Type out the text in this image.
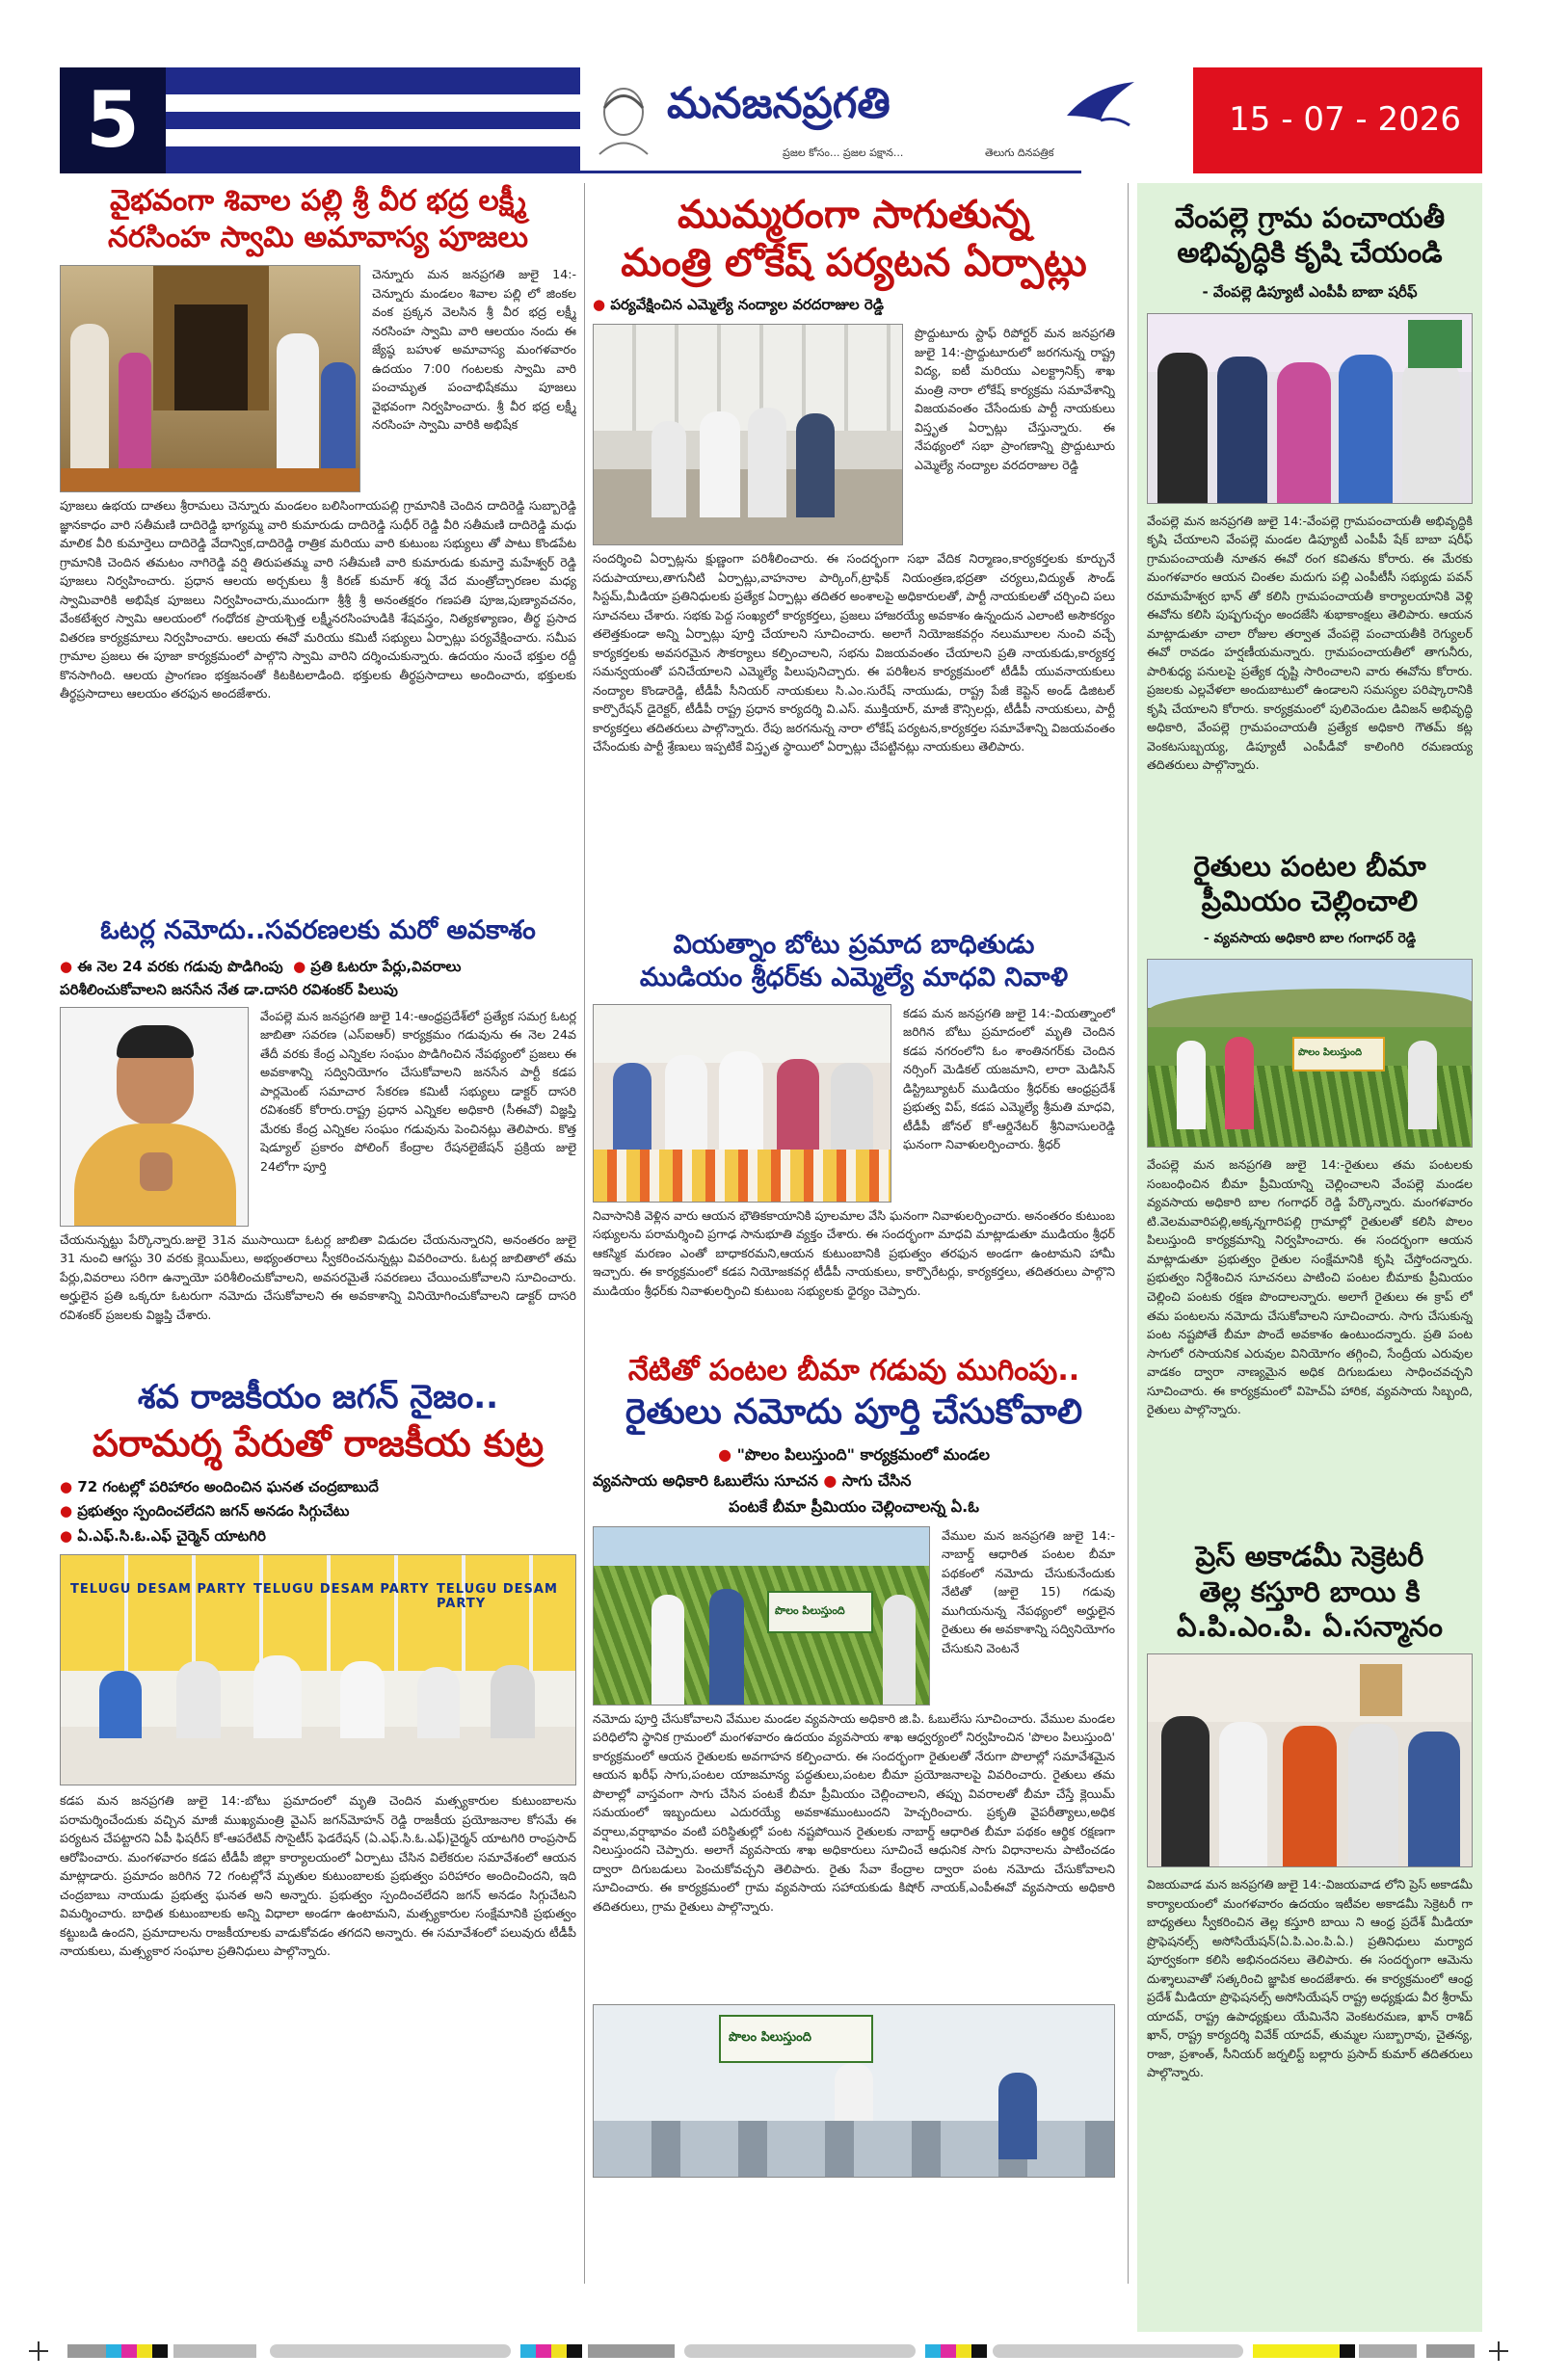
5	మనజనప్రగతి
ప్రజల కోసం... ప్రజల పక్షాన...	తెలుగు దినపత్రిక
15 - 07 - 2026
వైభవంగా శివాల పల్లి శ్రీ వీర భద్ర లక్ష్మీ
నరసింహ స్వామి అమావాస్య పూజలు
చెన్నూరు మన జనప్రగతి జులై 14:-చెన్నూరు మండలం శివాల పల్లి లో జింకల వంక ప్రక్కన వెలసిన శ్రీ వీర భద్ర లక్ష్మీ నరసింహ స్వామి వారి ఆలయం నందు ఈ జ్యేష్ఠ బహుళ అమావాస్య మంగళవారం ఉదయం 7:00 గంటలకు స్వామి వారి పంచామృత పంచాభిషేకము పూజలు వైభవంగా నిర్వహించారు. శ్రీ వీర భద్ర లక్ష్మీ నరసింహ స్వామి వారికి అభిషేక
పూజలు ఉభయ దాతలు శ్రీరామలు చెన్నూరు మండలం బలిసింగాయపల్లి గ్రామానికి చెందిన దాదిరెడ్డి సుబ్బారెడ్డి జ్ఞానకాధం వారి సతీమణి దాదిరెడ్డి భాగ్యమ్మ వారి కుమారుడు దాదిరెడ్డి సుధీర్ రెడ్డి వీరి సతీమణి దాదిరెడ్డి మధు మాలిక వీరి కుమార్తెలు దాదిరెడ్డి వేదాన్విక,దాదిరెడ్డి రాత్రిక మరియు వారి కుటుంబ సభ్యులు తో పాటు కొండపేట గ్రామానికి చెందిన తమటం నాగిరెడ్డి వర్షి తిరుపతమ్మ వారి సతీమణి వారి కుమారుడు కుమార్తె మహేశ్వర్ రెడ్డి పూజలు నిర్వహించారు. ప్రధాన ఆలయ అర్చకులు శ్రీ కిరణ్ కుమార్ శర్మ వేద మంత్రోచ్చారణల మధ్య స్వామివారికి అభిషేక పూజలు నిర్వహించారు,ముందుగా శ్రీశ్రీ శ్రీ అనంతక్షరం గణపతి పూజ,పుణ్యావచనం, వేంకటేశ్వర స్వామి ఆలయంలో గంధోదక ప్రాయశ్చిత్త లక్ష్మీనరసింహుడికి శేషవస్త్రం, నిత్యకళ్యాణం, తీర్థ ప్రసాద వితరణ కార్యక్రమాలు నిర్వహించారు. ఆలయ ఈవో మరియు కమిటీ సభ్యులు ఏర్పాట్లు పర్యవేక్షించారు. సమీప గ్రామాల ప్రజలు ఈ పూజా కార్యక్రమంలో పాల్గొని స్వామి వారిని దర్శించుకున్నారు. ఉదయం నుంచే భక్తుల రద్దీ కొనసాగింది. ఆలయ ప్రాంగణం భక్తజనంతో కిటకిటలాడింది. భక్తులకు తీర్థప్రసాదాలు అందించారు, భక్తులకు తీర్థప్రసాదాలు ఆలయం తరఫున అందజేశారు.
ఓటర్ల నమోదు..సవరణలకు మరో అవకాశం
● ఈ నెల 24 వరకు గడువు పొడిగింపు ● ప్రతి ఓటరూ పేర్లు,వివరాలు
పరిశీలించుకోవాలని జనసేన నేత డా.దాసరి రవిశంకర్ పిలుపు
వేంపల్లె మన జనప్రగతి జులై 14:-ఆంధ్రప్రదేశ్‌లో ప్రత్యేక సమగ్ర ఓటర్ల జాబితా సవరణ (ఎస్ఐఆర్) కార్యక్రమం గడువును ఈ నెల 24వ తేదీ వరకు కేంద్ర ఎన్నికల సంఘం పొడిగించిన నేపథ్యంలో ప్రజలు ఈ అవకాశాన్ని సద్వినియోగం చేసుకోవాలని జనసేన పార్టీ కడప పార్లమెంట్ సమాచార సేకరణ కమిటీ సభ్యులు డాక్టర్ దాసరి రవిశంకర్ కోరారు.రాష్ట్ర ప్రధాన ఎన్నికల అధికారి (సీఈవో) విజ్ఞప్తి మేరకు కేంద్ర ఎన్నికల సంఘం గడువును పెంచినట్లు తెలిపారు. కొత్త షెడ్యూల్ ప్రకారం పోలింగ్ కేంద్రాల రేషనలైజేషన్ ప్రక్రియ జులై 24లోగా పూర్తి
చేయనున్నట్టు పేర్కొన్నారు.జులై 31న ముసాయిదా ఓటర్ల జాబితా విడుదల చేయనున్నారని, అనంతరం జులై 31 నుంచి ఆగస్టు 30 వరకు క్లెయిమ్‌లు, అభ్యంతరాలు స్వీకరించనున్నట్లు వివరించారు. ఓటర్ల జాబితాలో తమ పేర్లు,వివరాలు సరిగా ఉన్నాయో పరిశీలించుకోవాలని, అవసరమైతే సవరణలు చేయించుకోవాలని సూచించారు. అర్హులైన ప్రతి ఒక్కరూ ఓటరుగా నమోదు చేసుకోవాలని ఈ అవకాశాన్ని వినియోగించుకోవాలని డాక్టర్ దాసరి రవిశంకర్ ప్రజలకు విజ్ఞప్తి చేశారు.
శవ రాజకీయం జగన్ నైజం..
పరామర్శ పేరుతో రాజకీయ కుట్ర
● 72 గంటల్లో పరిహారం అందించిన ఘనత చంద్రబాబుదే
● ప్రభుత్వం స్పందించలేదని జగన్ అనడం సిగ్గుచేటు
● ఏ.ఎఫ్.సి.ఓ.ఎఫ్ చైర్మెన్ యాటగిరి
TELUGU DESAM PARTY TELUGU DESAM PARTY TELUGU DESAM PARTY
కడప మన జనప్రగతి జులై 14:-బోటు ప్రమాదంలో మృతి చెందిన మత్స్యకారుల కుటుంబాలను పరామర్శించేందుకు వచ్చిన మాజీ ముఖ్యమంత్రి వైఎస్ జగన్‌మోహన్ రెడ్డి రాజకీయ ప్రయోజనాల కోసమే ఈ పర్యటన చేపట్టారని ఏపీ ఫిషరీస్ కో-ఆపరేటివ్ సొసైటీస్ ఫెడరేషన్ (ఏ.ఎఫ్.సి.ఓ.ఎఫ్)చైర్మన్ యాటగిరి రాంప్రసాద్ ఆరోపించారు. మంగళవారం కడప టీడీపీ జిల్లా కార్యాలయంలో ఏర్పాటు చేసిన విలేకరుల సమావేశంలో ఆయన మాట్లాడారు. ప్రమాదం జరిగిన 72 గంటల్లోనే మృతుల కుటుంబాలకు ప్రభుత్వం పరిహారం అందించిందని, ఇది చంద్రబాబు నాయుడు ప్రభుత్వ ఘనత అని అన్నారు. ప్రభుత్వం స్పందించలేదని జగన్ అనడం సిగ్గుచేటని విమర్శించారు. బాధిత కుటుంబాలకు అన్ని విధాలా అండగా ఉంటామని, మత్స్యకారుల సంక్షేమానికి ప్రభుత్వం కట్టుబడి ఉందని, ప్రమాదాలను రాజకీయాలకు వాడుకోవడం తగదని అన్నారు. ఈ సమావేశంలో పలువురు టీడీపీ నాయకులు, మత్స్యకార సంఘాల ప్రతినిధులు పాల్గొన్నారు.
ముమ్మరంగా సాగుతున్న
మంత్రి లోకేష్ పర్యటన ఏర్పాట్లు
● పర్యవేక్షించిన ఎమ్మెల్యే నంద్యాల వరదరాజుల రెడ్డి
ప్రొద్దుటూరు స్టాఫ్ రిపోర్టర్ మన జనప్రగతి జులై 14:-ప్రొద్దుటూరులో జరగనున్న రాష్ట్ర విద్య, ఐటీ మరియు ఎలక్ట్రానిక్స్ శాఖ మంత్రి నారా లోకేష్ కార్యక్రమ సమావేశాన్ని విజయవంతం చేసేందుకు పార్టీ నాయకులు విస్తృత ఏర్పాట్లు చేస్తున్నారు. ఈ నేపథ్యంలో సభా ప్రాంగణాన్ని ప్రొద్దుటూరు ఎమ్మెల్యే నంద్యాల వరదరాజుల రెడ్డి
సందర్శించి ఏర్పాట్లను క్షుణ్ణంగా పరిశీలించారు. ఈ సందర్భంగా సభా వేదిక నిర్మాణం,కార్యకర్తలకు కూర్చునే సదుపాయాలు,తాగునీటి ఏర్పాట్లు,వాహనాల పార్కింగ్,ట్రాఫిక్ నియంత్రణ,భద్రతా చర్యలు,విద్యుత్ సౌండ్ సిస్టమ్,మీడియా ప్రతినిధులకు ప్రత్యేక ఏర్పాట్లు తదితర అంశాలపై అధికారులతో, పార్టీ నాయకులతో చర్చించి పలు సూచనలు చేశారు. సభకు పెద్ద సంఖ్యలో కార్యకర్తలు, ప్రజలు హాజరయ్యే అవకాశం ఉన్నందున ఎలాంటి అసౌకర్యం తలెత్తకుండా అన్ని ఏర్పాట్లు పూర్తి చేయాలని సూచించారు. అలాగే నియోజకవర్గం నలుమూలల నుంచి వచ్చే కార్యకర్తలకు అవసరమైన సౌకర్యాలు కల్పించాలని, సభను విజయవంతం చేయాలని ప్రతి నాయకుడు,కార్యకర్త సమన్వయంతో పనిచేయాలని ఎమ్మెల్యే పిలుపునిచ్చారు. ఈ పరిశీలన కార్యక్రమంలో టీడీపీ యువనాయకులు నంద్యాల కొండారెడ్డి, టీడీపీ సీనియర్ నాయకులు సి.ఎం.సురేష్ నాయుడు, రాష్ట్ర పేజీ కెప్టెన్ అండ్ డిజిటల్ కార్పొరేషన్ డైరెక్టర్, టీడీపీ రాష్ట్ర ప్రధాన కార్యదర్శి వి.ఎస్. ముక్తియార్, మాజీ కౌన్సిలర్లు, టీడీపీ నాయకులు, పార్టీ కార్యకర్తలు తదితరులు పాల్గొన్నారు. రేపు జరగనున్న నారా లోకేష్ పర్యటన,కార్యకర్తల సమావేశాన్ని విజయవంతం చేసేందుకు పార్టీ శ్రేణులు ఇప్పటికే విస్తృత స్థాయిలో ఏర్పాట్లు చేపట్టినట్లు నాయకులు తెలిపారు.
వియత్నాం బోటు ప్రమాద బాధితుడు
ముడియం శ్రీధర్‌కు ఎమ్మెల్యే మాధవి నివాళి
కడప మన జనప్రగతి జులై 14:-వియత్నాంలో జరిగిన బోటు ప్రమాదంలో మృతి చెందిన కడప నగరంలోని ఓం శాంతినగర్‌కు చెందిన నర్సింగ్ మెడికల్ యజమాని, లారా మెడిసిన్ డిస్ట్రిబ్యూటర్ ముడియం శ్రీధర్‌కు ఆంధ్రప్రదేశ్ ప్రభుత్వ విప్, కడప ఎమ్మెల్యే శ్రీమతి మాధవి, టీడీపీ జోనల్ కో-ఆర్డినేటర్ శ్రీనివాసులరెడ్డి ఘనంగా నివాళులర్పించారు. శ్రీధర్
నివాసానికి వెళ్లిన వారు ఆయన భౌతికకాయానికి పూలమాల వేసి ఘనంగా నివాళులర్పించారు. అనంతరం కుటుంబ సభ్యులను పరామర్శించి ప్రగాఢ సానుభూతి వ్యక్తం చేశారు. ఈ సందర్భంగా మాధవి మాట్లాడుతూ ముడియం శ్రీధర్ ఆకస్మిక మరణం ఎంతో బాధాకరమని,ఆయన కుటుంబానికి ప్రభుత్వం తరఫున అండగా ఉంటామని హామీ ఇచ్చారు. ఈ కార్యక్రమంలో కడప నియోజకవర్గ టీడీపీ నాయకులు, కార్పొరేటర్లు, కార్యకర్తలు, తదితరులు పాల్గొని ముడియం శ్రీధర్‌కు నివాళులర్పించి కుటుంబ సభ్యులకు ధైర్యం చెప్పారు.
నేటితో పంటల బీమా గడువు ముగింపు..
రైతులు నమోదు పూర్తి చేసుకోవాలి
● "పొలం పిలుస్తుంది" కార్యక్రమంలో మండల
వ్యవసాయ అధికారి ఓబులేసు సూచన ● సాగు చేసిన
పంటకే బీమా ప్రీమియం చెల్లించాలన్న ఏ.ఓ
పొలం పిలుస్తుంది
వేముల మన జనప్రగతి జులై 14:-నాబార్డ్ ఆధారిత పంటల బీమా పథకంలో నమోదు చేసుకునేందుకు నేటితో (జులై 15) గడువు ముగియనున్న నేపథ్యంలో అర్హులైన రైతులు ఈ అవకాశాన్ని సద్వినియోగం చేసుకుని వెంటనే
నమోదు పూర్తి చేసుకోవాలని వేముల మండల వ్యవసాయ అధికారి జి.పి. ఓబులేసు సూచించారు. వేముల మండల పరిధిలోని స్థానిక గ్రామంలో మంగళవారం ఉదయం వ్యవసాయ శాఖ ఆధ్వర్యంలో నిర్వహించిన 'పొలం పిలుస్తుంది' కార్యక్రమంలో ఆయన రైతులకు అవగాహన కల్పించారు. ఈ సందర్భంగా రైతులతో నేరుగా పొలాల్లో సమావేశమైన ఆయన ఖరీఫ్ సాగు,పంటల యాజమాన్య పద్ధతులు,పంటల బీమా ప్రయోజనాలపై వివరించారు. రైతులు తమ పొలాల్లో వాస్తవంగా సాగు చేసిన పంటకే బీమా ప్రీమియం చెల్లించాలని, తప్పు వివరాలతో బీమా చేస్తే క్లెయిమ్ సమయంలో ఇబ్బందులు ఎదురయ్యే అవకాశముంటుందని హెచ్చరించారు. ప్రకృతి వైపరీత్యాలు,అధిక వర్షాలు,వర్షాభావం వంటి పరిస్థితుల్లో పంట నష్టపోయిన రైతులకు నాబార్డ్ ఆధారిత బీమా పథకం ఆర్థిక రక్షణగా నిలుస్తుందని చెప్పారు. అలాగే వ్యవసాయ శాఖ అధికారులు సూచించే ఆధునిక సాగు విధానాలను పాటించడం ద్వారా దిగుబడులు పెంచుకోవచ్చని తెలిపారు. రైతు సేవా కేంద్రాల ద్వారా పంట నమోదు చేసుకోవాలని సూచించారు. ఈ కార్యక్రమంలో గ్రామ వ్యవసాయ సహాయకుడు కిషోర్ నాయక్,ఎంపీఈవో వ్యవసాయ అధికారి తదితరులు, గ్రామ రైతులు పాల్గొన్నారు.
పొలం పిలుస్తుంది
వేంపల్లె గ్రామ పంచాయతీ
అభివృద్ధికి కృషి చేయండి
- వేంపల్లె డిప్యూటీ ఎంపీపీ బాబా షరీఫ్
వేంపల్లె మన జనప్రగతి జులై 14:-వేంపల్లె గ్రామపంచాయతీ అభివృద్ధికి కృషి చేయాలని వేంపల్లె మండల డిప్యూటీ ఎంపీపీ షేక్ బాబా షరీఫ్ గ్రామపంచాయతీ నూతన ఈవో రంగ కవితను కోరారు. ఈ మేరకు మంగళవారం ఆయన చింతల మదుగు పల్లి ఎంపీటీసీ సభ్యుడు పవన్ రమామహేశ్వర భాన్ తో కలిసి గ్రామపంచాయతీ కార్యాలయానికి వెళ్లి ఈవోను కలిసి పుష్పగుచ్ఛం అందజేసి శుభాకాంక్షలు తెలిపారు. ఆయన మాట్లాడుతూ చాలా రోజుల తర్వాత వేంపల్లె పంచాయతీకి రెగ్యులర్ ఈవో రావడం హర్షణీయమన్నారు. గ్రామపంచాయతీలో తాగునీరు, పారిశుధ్య పనులపై ప్రత్యేక దృష్టి సారించాలని వారు ఈవోను కోరారు. ప్రజలకు ఎల్లవేళలా అందుబాటులో ఉండాలని సమస్యల పరిష్కారానికి కృషి చేయాలని కోరారు. కార్యక్రమంలో పులివెందుల డివిజన్ అభివృద్ధి అధికారి, వేంపల్లె గ్రామపంచాయతీ ప్రత్యేక అధికారి గౌతమ్ కట్ల వెంకటసుబ్బయ్య, డిప్యూటీ ఎంపీడీవో కాలింగిరి రమణయ్య తదితరులు పాల్గొన్నారు.
రైతులు పంటల బీమా
ప్రీమియం చెల్లించాలి
- వ్యవసాయ అధికారి బాల గంగాధర్ రెడ్డి
పొలం పిలుస్తుంది
వేంపల్లె మన జనప్రగతి జులై 14:-రైతులు తమ పంటలకు సంబంధించిన బీమా ప్రీమియాన్ని చెల్లించాలని వేంపల్లె మండల వ్యవసాయ అధికారి బాల గంగాధర్ రెడ్డి పేర్కొన్నారు. మంగళవారం టి.వెలమవారిపల్లి,అక్కన్నగారిపల్లి గ్రామాల్లో రైతులతో కలిసి పొలం పిలుస్తుంది కార్యక్రమాన్ని నిర్వహించారు. ఈ సందర్భంగా ఆయన మాట్లాడుతూ ప్రభుత్వం రైతుల సంక్షేమానికి కృషి చేస్తోందన్నారు. ప్రభుత్వం నిర్దేశించిన సూచనలు పాటించి పంటల బీమాకు ప్రీమియం చెల్లించి పంటకు రక్షణ పొందాలన్నారు. అలాగే రైతులు ఈ క్రాప్ లో తమ పంటలను నమోదు చేసుకోవాలని సూచించారు. సాగు చేసుకున్న పంట నష్టపోతే బీమా పొందే అవకాశం ఉంటుందన్నారు. ప్రతి పంట సాగులో రసాయనిక ఎరువుల వినియోగం తగ్గించి, సేంద్రీయ ఎరువుల వాడకం ద్వారా నాణ్యమైన అధిక దిగుబడులు సాధించవచ్చని సూచించారు. ఈ కార్యక్రమంలో విహెచ్ఏ హారిక, వ్యవసాయ సిబ్బంది, రైతులు పాల్గొన్నారు.
ప్రెస్ అకాడమీ సెక్రెటరీ
తెల్ల కస్తూరి బాయి కి
ఏ.పి.ఎం.పి. ఏ.సన్మానం
విజయవాడ మన జనప్రగతి జులై 14:-విజయవాడ లోని ప్రెస్ అకాడమీ కార్యాలయంలో మంగళవారం ఉదయం ఇటీవల అకాడమీ సెక్రెటరీ గా బాధ్యతలు స్వీకరించిన తెల్ల కస్తూరి బాయి ని ఆంధ్ర ప్రదేశ్ మీడియా ప్రొఫెషనల్స్ అసోసియేషన్(ఏ.పి.ఎం.పి.ఏ.) ప్రతినిధులు మర్యాద పూర్వకంగా కలిసి అభినందనలు తెలిపారు. ఈ సందర్భంగా ఆమెను దుశ్శాలువాతో సత్కరించి జ్ఞాపిక అందజేశారు. ఈ కార్యక్రమంలో ఆంధ్ర ప్రదేశ్ మీడియా ప్రొఫెషనల్స్ అసోసియేషన్ రాష్ట్ర అధ్యక్షుడు వీర శ్రీరామ్ యాదవ్, రాష్ట్ర ఉపాధ్యక్షులు యేమినేని వెంకటరమణ, ఖాన్ రాశిద్ ఖాన్, రాష్ట్ర కార్యదర్శి వివేక్ యాదవ్, తుమ్మల సుబ్బారావు, చైతన్య, రాజా, ప్రశాంత్, సీనియర్ జర్నలిస్ట్ బల్లారు ప్రసాద్ కుమార్ తదితరులు పాల్గొన్నారు.
